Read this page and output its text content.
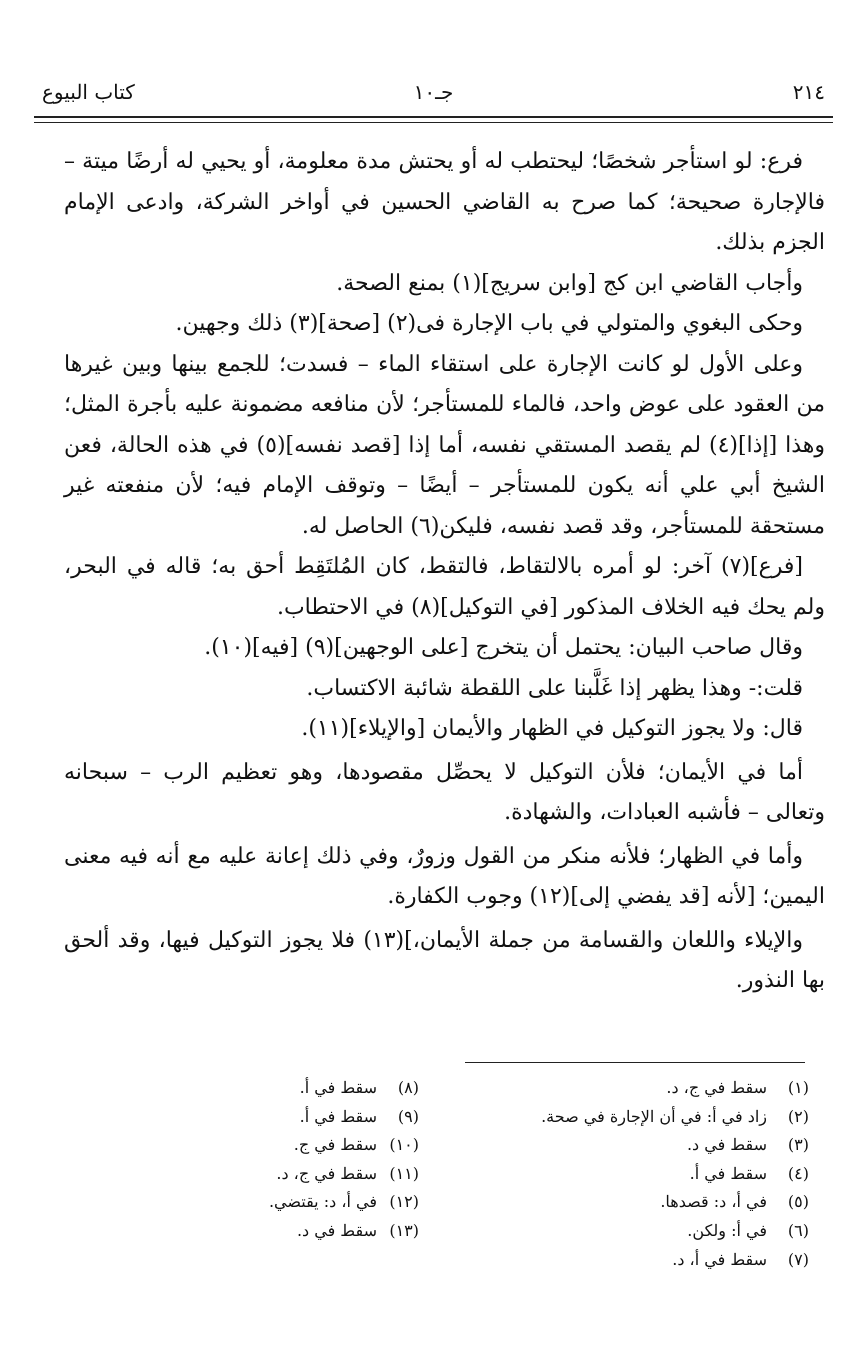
٢١٤
جـ١٠
كتاب البيوع

فرع: لو استأجر شخصًا؛ ليحتطب له أو يحتش مدة معلومة، أو يحيي له أرضًا ميتة – فالإجارة صحيحة؛ كما صرح به القاضي الحسين في أواخر الشركة، وادعى الإمام الجزم بذلك.

وأجاب القاضي ابن كج [وابن سريج](١) بمنع الصحة.

وحكى البغوي والمتولي في باب الإجارة فى(٢) [صحة](٣) ذلك وجهين.

وعلى الأول لو كانت الإجارة على استقاء الماء – فسدت؛ للجمع بينها وبين غيرها من العقود على عوض واحد، فالماء للمستأجر؛ لأن منافعه مضمونة عليه بأجرة المثل؛ وهذا [إذا](٤) لم يقصد المستقي نفسه، أما إذا [قصد نفسه](٥) في هذه الحالة، فعن الشيخ أبي علي أنه يكون للمستأجر – أيضًا – وتوقف الإمام فيه؛ لأن منفعته غير مستحقة للمستأجر، وقد قصد نفسه، فليكن(٦) الحاصل له.

[فرع](٧) آخر: لو أمره بالالتقاط، فالتقط، كان المُلتَقِط أحق به؛ قاله في البحر، ولم يحك فيه الخلاف المذكور [في التوكيل](٨) في الاحتطاب.

وقال صاحب البيان: يحتمل أن يتخرج [على الوجهين](٩) [فيه](١٠).

قلت:- وهذا يظهر إذا غَلَّبنا على اللقطة شائبة الاكتساب.

قال: ولا يجوز التوكيل في الظهار والأيمان [والإيلاء](١١).

أما في الأيمان؛ فلأن التوكيل لا يحصِّل مقصودها، وهو تعظيم الرب – سبحانه وتعالى – فأشبه العبادات، والشهادة.

وأما في الظهار؛ فلأنه منكر من القول وزورٌ، وفي ذلك إعانة عليه مع أنه فيه معنى اليمين؛ [لأنه [قد يفضي إلى](١٢) وجوب الكفارة.

والإيلاء واللعان والقسامة من جملة الأيمان،](١٣) فلا يجوز التوكيل فيها، وقد ألحق بها النذور.

(١)سقط في ج، د.
(٢)زاد في أ: في أن الإجارة في صحة.
(٣)سقط في د.
(٤)سقط في أ.
(٥)في أ، د: قصدها.
(٦)في أ: ولكن.
(٧)سقط في أ، د.
(٨)سقط في أ.
(٩)سقط في أ.
(١٠)سقط في ج.
(١١)سقط في ج، د.
(١٢)في أ، د: يقتضي.
(١٣)سقط في د.
